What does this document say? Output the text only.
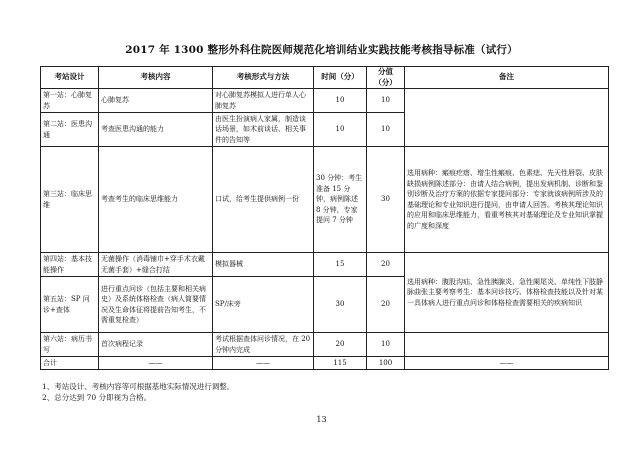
2017 年 1300 整形外科住院医师规范化培训结业实践技能考核指导标准（试行）
考站设计	考核内容	考核形式与方法	时间（分）	分值（分）	备注
第一站：心肺复苏	心肺复苏	对心肺复苏模拟人进行单人心肺复苏	10	10	
第二站：医患沟通	考查医患沟通的能力	由医生扮演病人家属，制造谈话场景，如术前谈话、相关事件的告知等	10	10	
第三站：临床思维	考查考生的临床思维能力	口试，给考生提供病例一份	30 分钟：考生准备 15 分钟，病例陈述 8 分钟，专家提问 7 分钟	30	选用病种：瘢痕疙瘩、增生性瘢痕、色素痣、先天性唇裂、皮肤缺损病例陈述部分：由请人结合病例，提出发病机制、诊断和鉴别诊断及治疗方案的依据专家提问部分：专家就该病例所涉及的基础理论和专业知识进行提问，由申请人回答。考核其理论知识的应用和临床思维能力，看重考核其对基础理论及专业知识掌握的广度和深度
第四站：基本技能操作	无菌操作（消毒铺巾+穿手术衣戴无菌手套）+缝合打结	模拟器械	15	20	选用病种：腹股沟疝、急性胰腺炎、急性阑尾炎、单纯性下肢静脉曲张主要考察考生：基本问诊技巧、体格检查技能以及针对某一具体病人进行重点问诊和体格检查需要相关的疾病知识
第五站：SP 问诊+查体	进行重点问诊（包括主要和相关病史）及系统体格检查（病人简要情况及生命体征将提前告知考生，不需重复检查）	SP/床旁	30	20	
第六站：病历书写	首次病程记录	考试根据查体问诊情况，在 20 分钟内完成	20	10	
合计	——	——	115	100	——
1、考站设计、考核内容等可根据基地实际情况进行调整。
2、总分达到 70 分即视为合格。
13
